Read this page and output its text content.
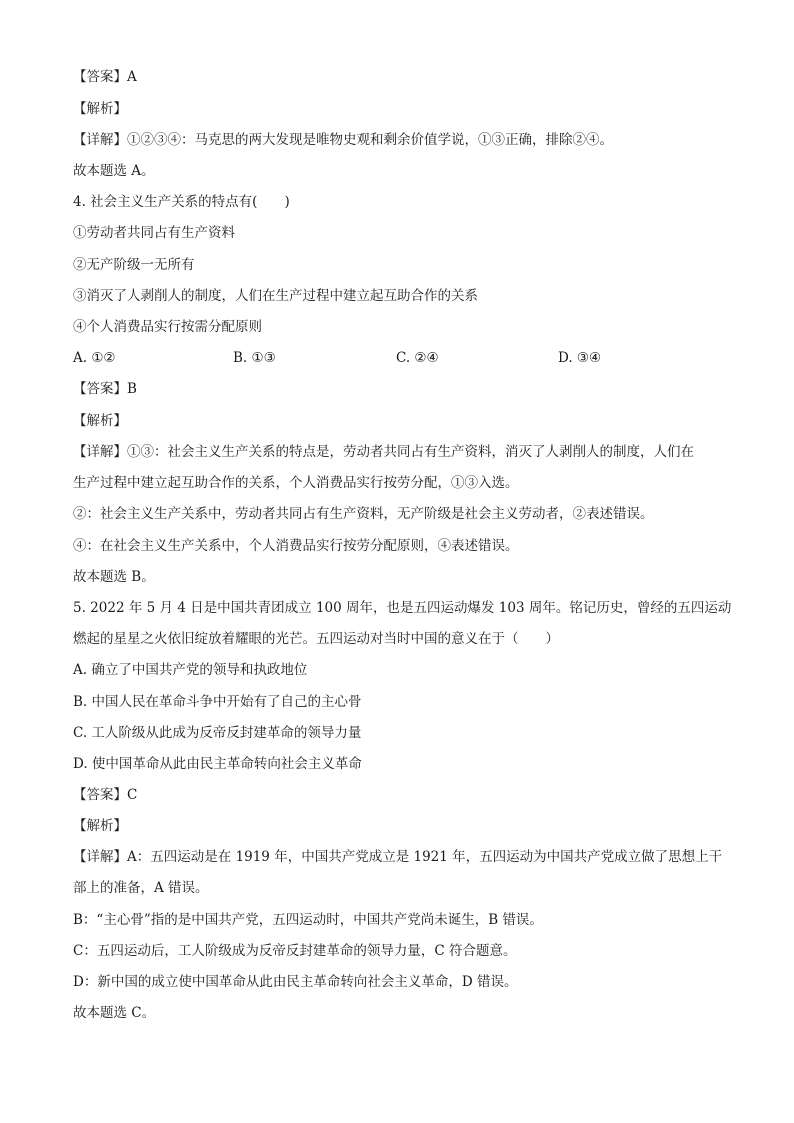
【答案】A
【解析】
【详解】①②③④：马克思的两大发现是唯物史观和剩余价值学说，①③正确，排除②④。
故本题选 A。
4. 社会主义生产关系的特点有(　　)
①劳动者共同占有生产资料
②无产阶级一无所有
③消灭了人剥削人的制度，人们在生产过程中建立起互助合作的关系
④个人消费品实行按需分配原则
A. ①②	B. ①③	C. ②④	D. ③④
【答案】B
【解析】
【详解】①③：社会主义生产关系的特点是，劳动者共同占有生产资料，消灭了人剥削人的制度，人们在
生产过程中建立起互助合作的关系，个人消费品实行按劳分配，①③入选。
②：社会主义生产关系中，劳动者共同占有生产资料，无产阶级是社会主义劳动者，②表述错误。
④：在社会主义生产关系中，个人消费品实行按劳分配原则，④表述错误。
故本题选 B。
5. 2022 年 5 月 4 日是中国共青团成立 100 周年，也是五四运动爆发 103 周年。铭记历史，曾经的五四运动
燃起的星星之火依旧绽放着耀眼的光芒。五四运动对当时中国的意义在于（　　）
A. 确立了中国共产党的领导和执政地位
B. 中国人民在革命斗争中开始有了自己的主心骨
C. 工人阶级从此成为反帝反封建革命的领导力量
D. 使中国革命从此由民主革命转向社会主义革命
【答案】C
【解析】
【详解】A：五四运动是在 1919 年，中国共产党成立是 1921 年，五四运动为中国共产党成立做了思想上干
部上的准备，A 错误。
B：“主心骨”指的是中国共产党，五四运动时，中国共产党尚未诞生，B 错误。
C：五四运动后，工人阶级成为反帝反封建革命的领导力量，C 符合题意。
D：新中国的成立使中国革命从此由民主革命转向社会主义革命，D 错误。
故本题选 C。
